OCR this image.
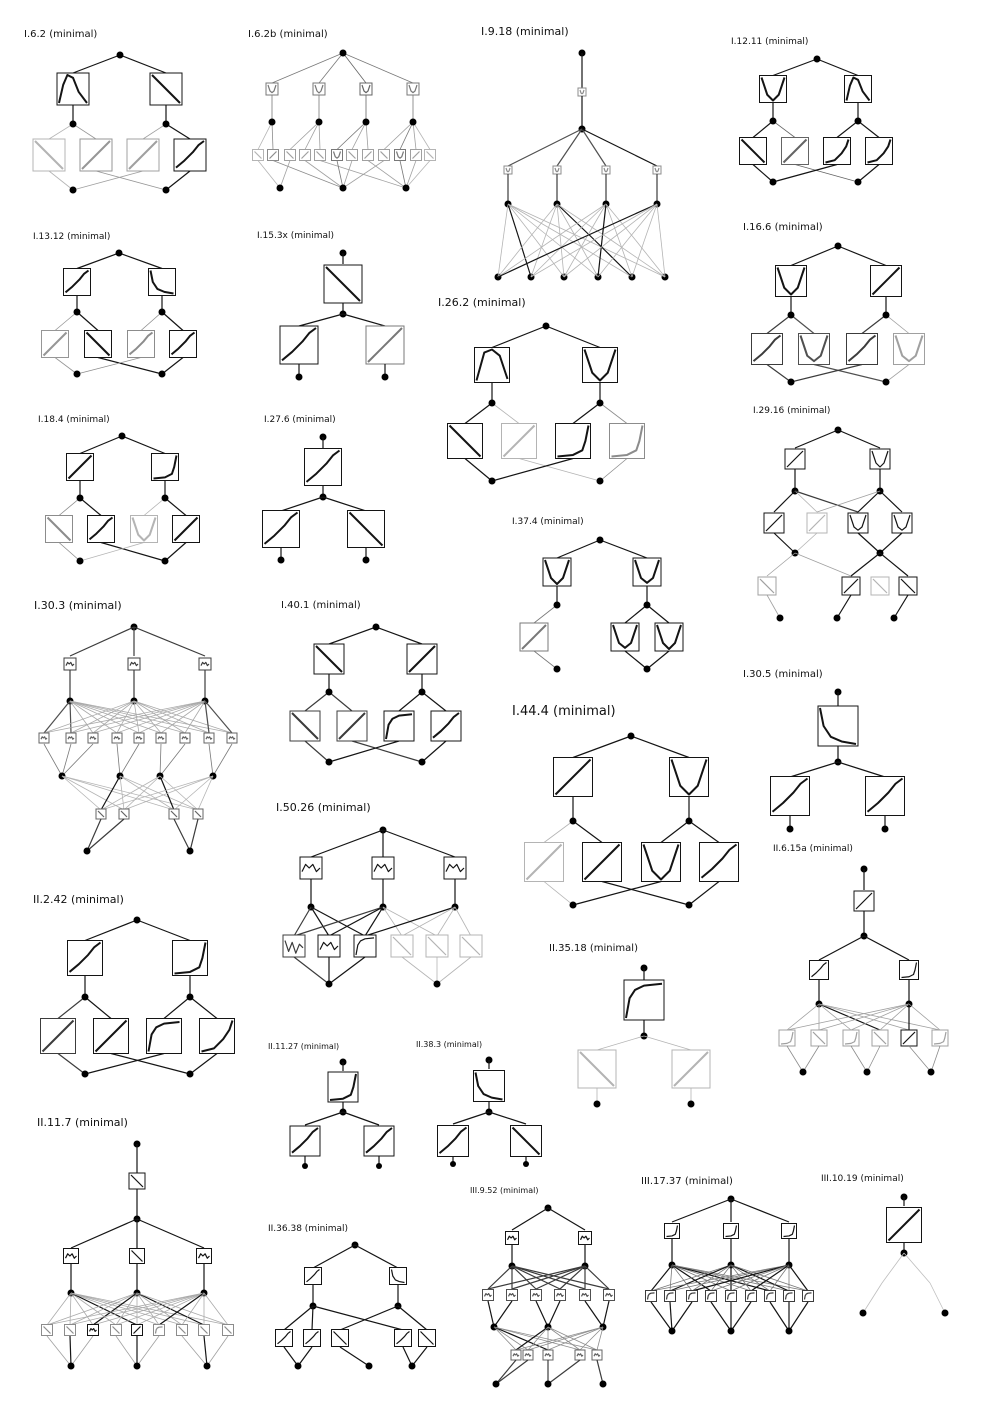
I.6.2 (minimal)	I.6.2b (minimal)	I.9.18 (minimal)
I.12.11 (minimal)
I.13.12 (minimal)	I.15.3x (minimal)
I.16.6 (minimal)
I.26.2 (minimal)
I.18.4 (minimal)	I.27.6 (minimal)
I.29.16 (minimal)
I.37.4 (minimal)
I.30.3 (minimal)	I.40.1 (minimal)
I.44.4 (minimal)
I.30.5 (minimal)
I.50.26 (minimal)
II.6.15a (minimal)
II.2.42 (minimal)
II.35.18 (minimal)
II.11.27 (minimal)	II.38.3 (minimal)
II.11.7 (minimal)
II.36.38 (minimal)
III.9.52 (minimal)
III.17.37 (minimal)	III.10.19 (minimal)
